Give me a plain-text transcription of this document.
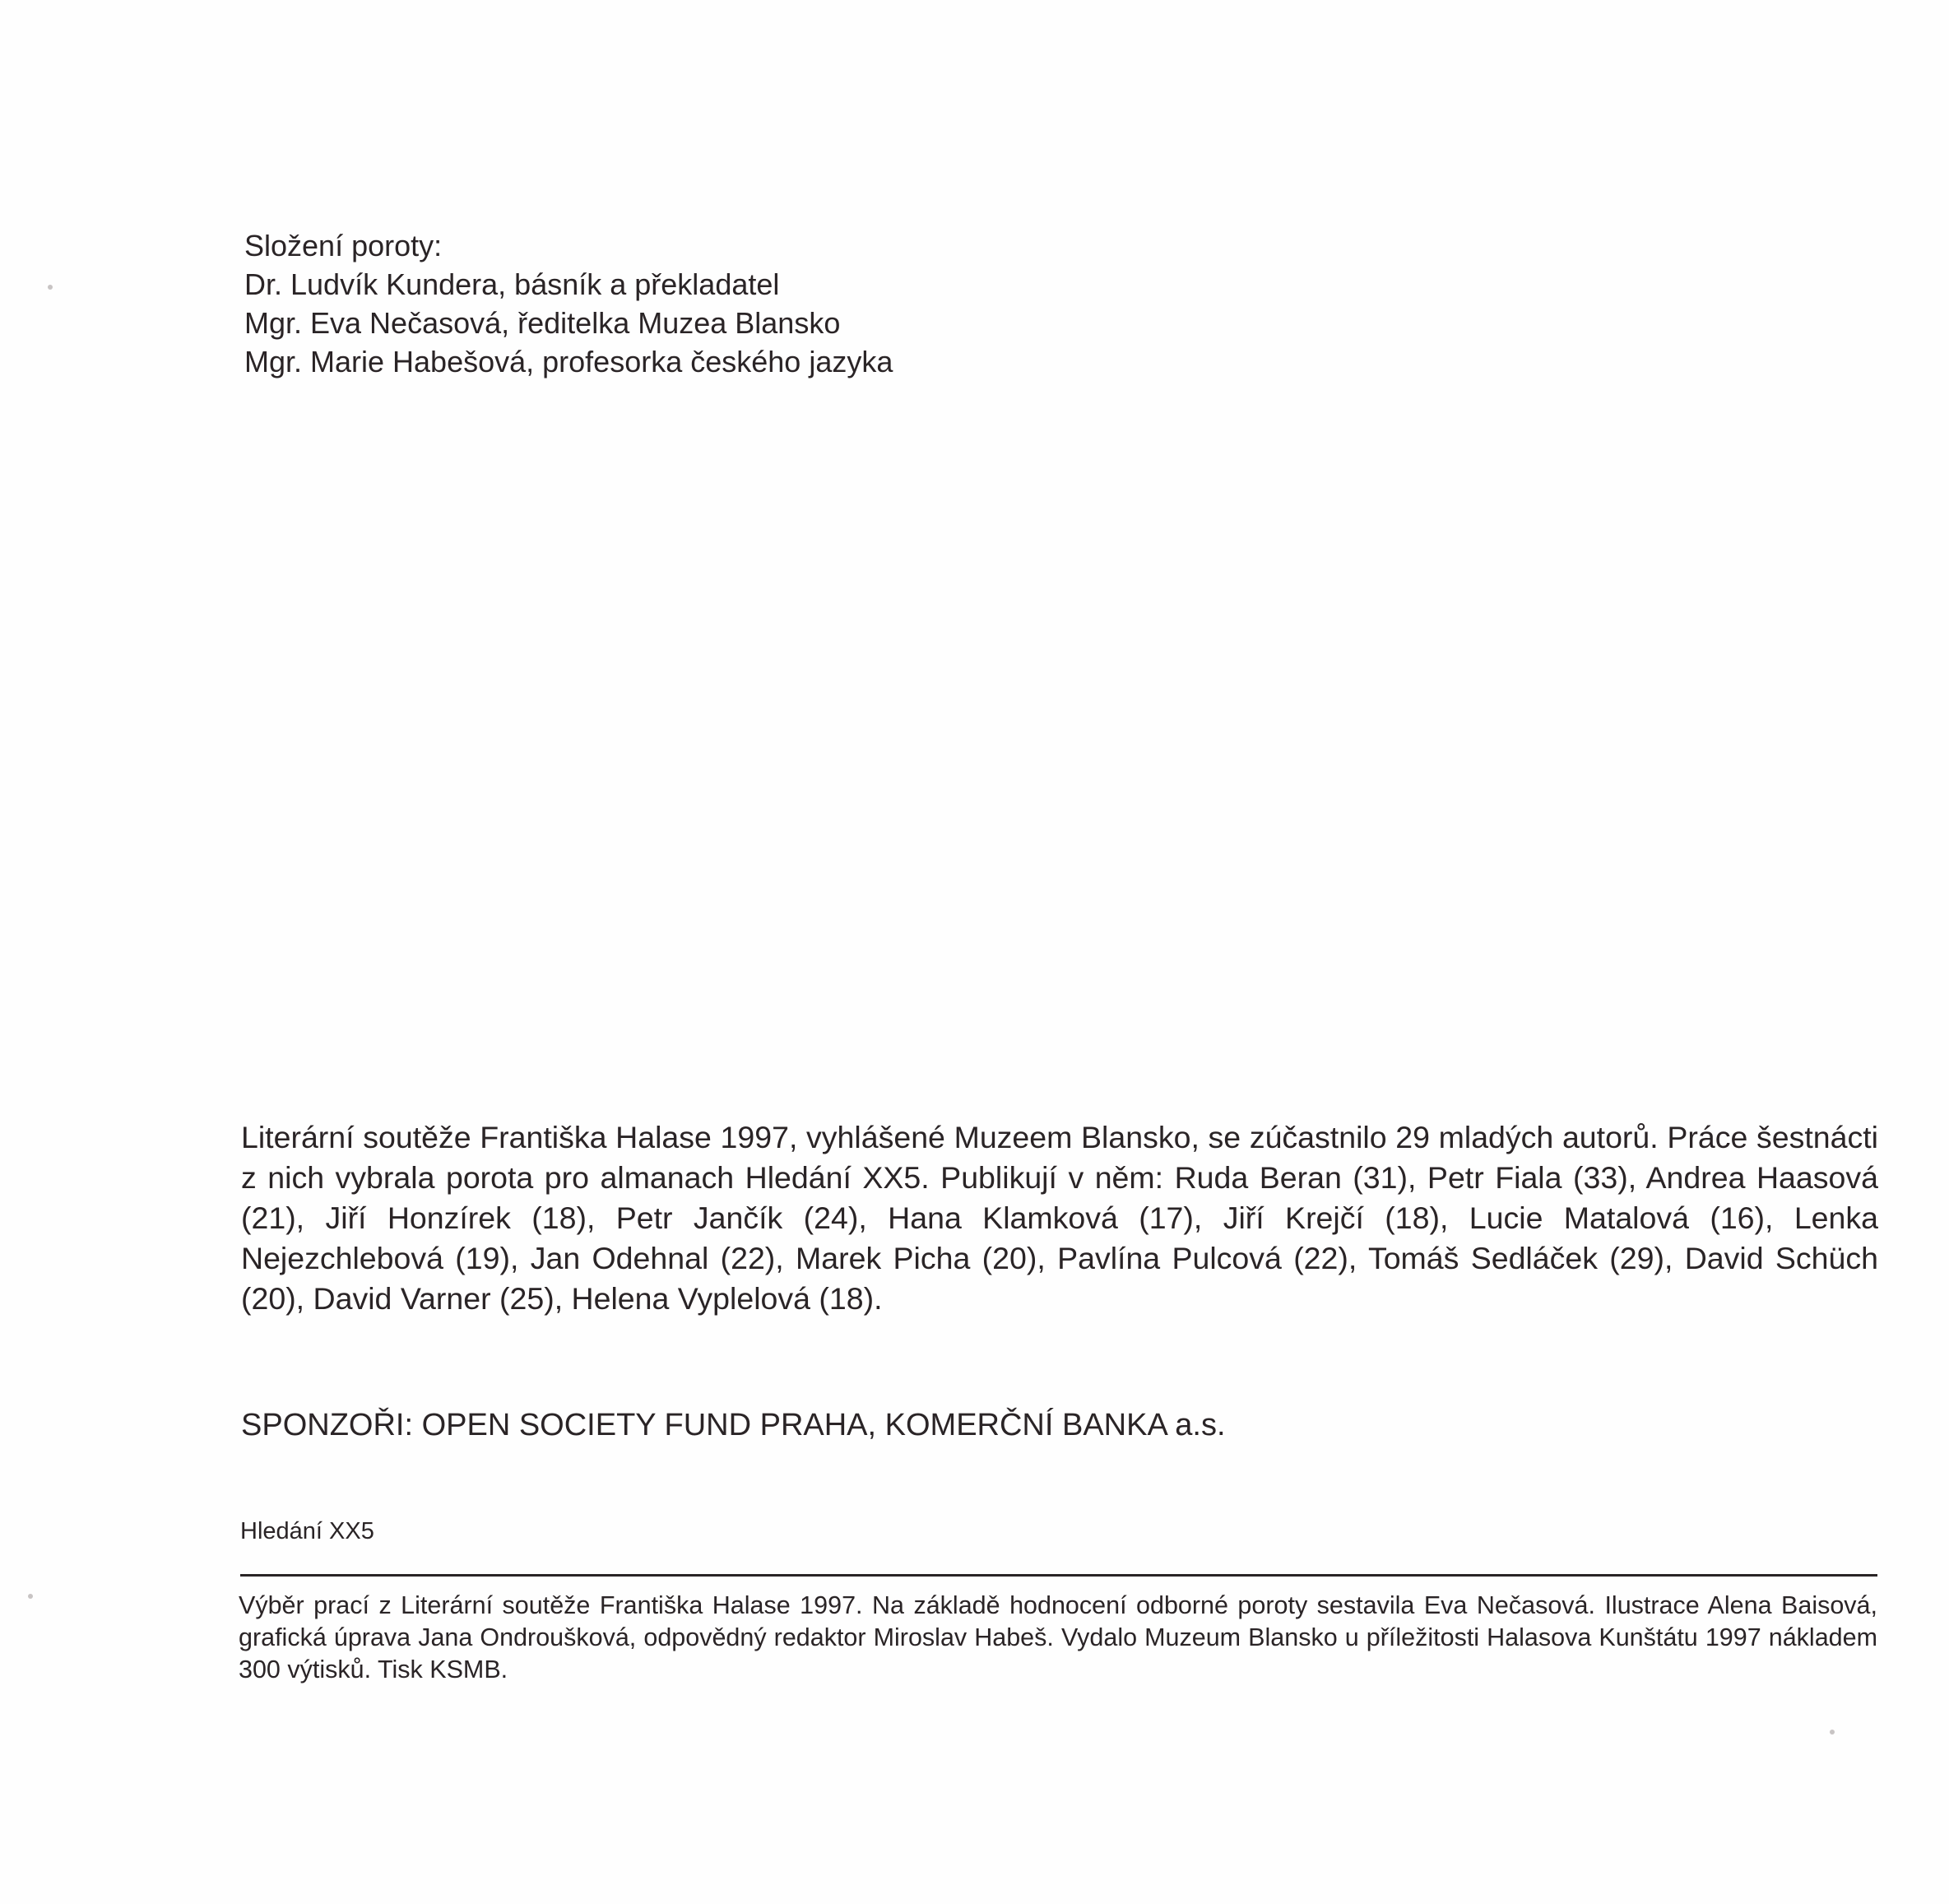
Složení poroty:
Dr. Ludvík Kundera, básník a překladatel
Mgr. Eva Nečasová, ředitelka Muzea Blansko
Mgr. Marie Habešová, profesorka českého jazyka
Literární soutěže Františka Halase 1997, vyhlášené Muzeem Blansko, se zúčastnilo 29 mladých autorů. Práce šestnácti z nich vybrala porota pro almanach Hledání XX5. Publikují v něm: Ruda Beran (31), Petr Fiala (33), Andrea Haasová (21), Jiří Honzírek (18), Petr Jančík (24), Hana Klamková (17), Jiří Krejčí (18), Lucie Matalová (16), Lenka Nejezchlebová (19), Jan Odehnal (22), Marek Picha (20), Pavlína Pulcová (22), Tomáš Sedláček (29), David Schüch (20), David Varner (25), Helena Vyplelová (18).
SPONZOŘI: OPEN SOCIETY FUND PRAHA, KOMERČNÍ BANKA a.s.
Hledání XX5
Výběr prací z Literární soutěže Františka Halase 1997. Na základě hodnocení odborné poroty sestavila Eva Nečasová. Ilustrace Alena Baisová, grafická úprava Jana Ondroušková, odpovědný redaktor Miroslav Habeš. Vydalo Muzeum Blansko u příležitosti Halasova Kunštátu 1997 nákladem 300 výtisků. Tisk KSMB.
